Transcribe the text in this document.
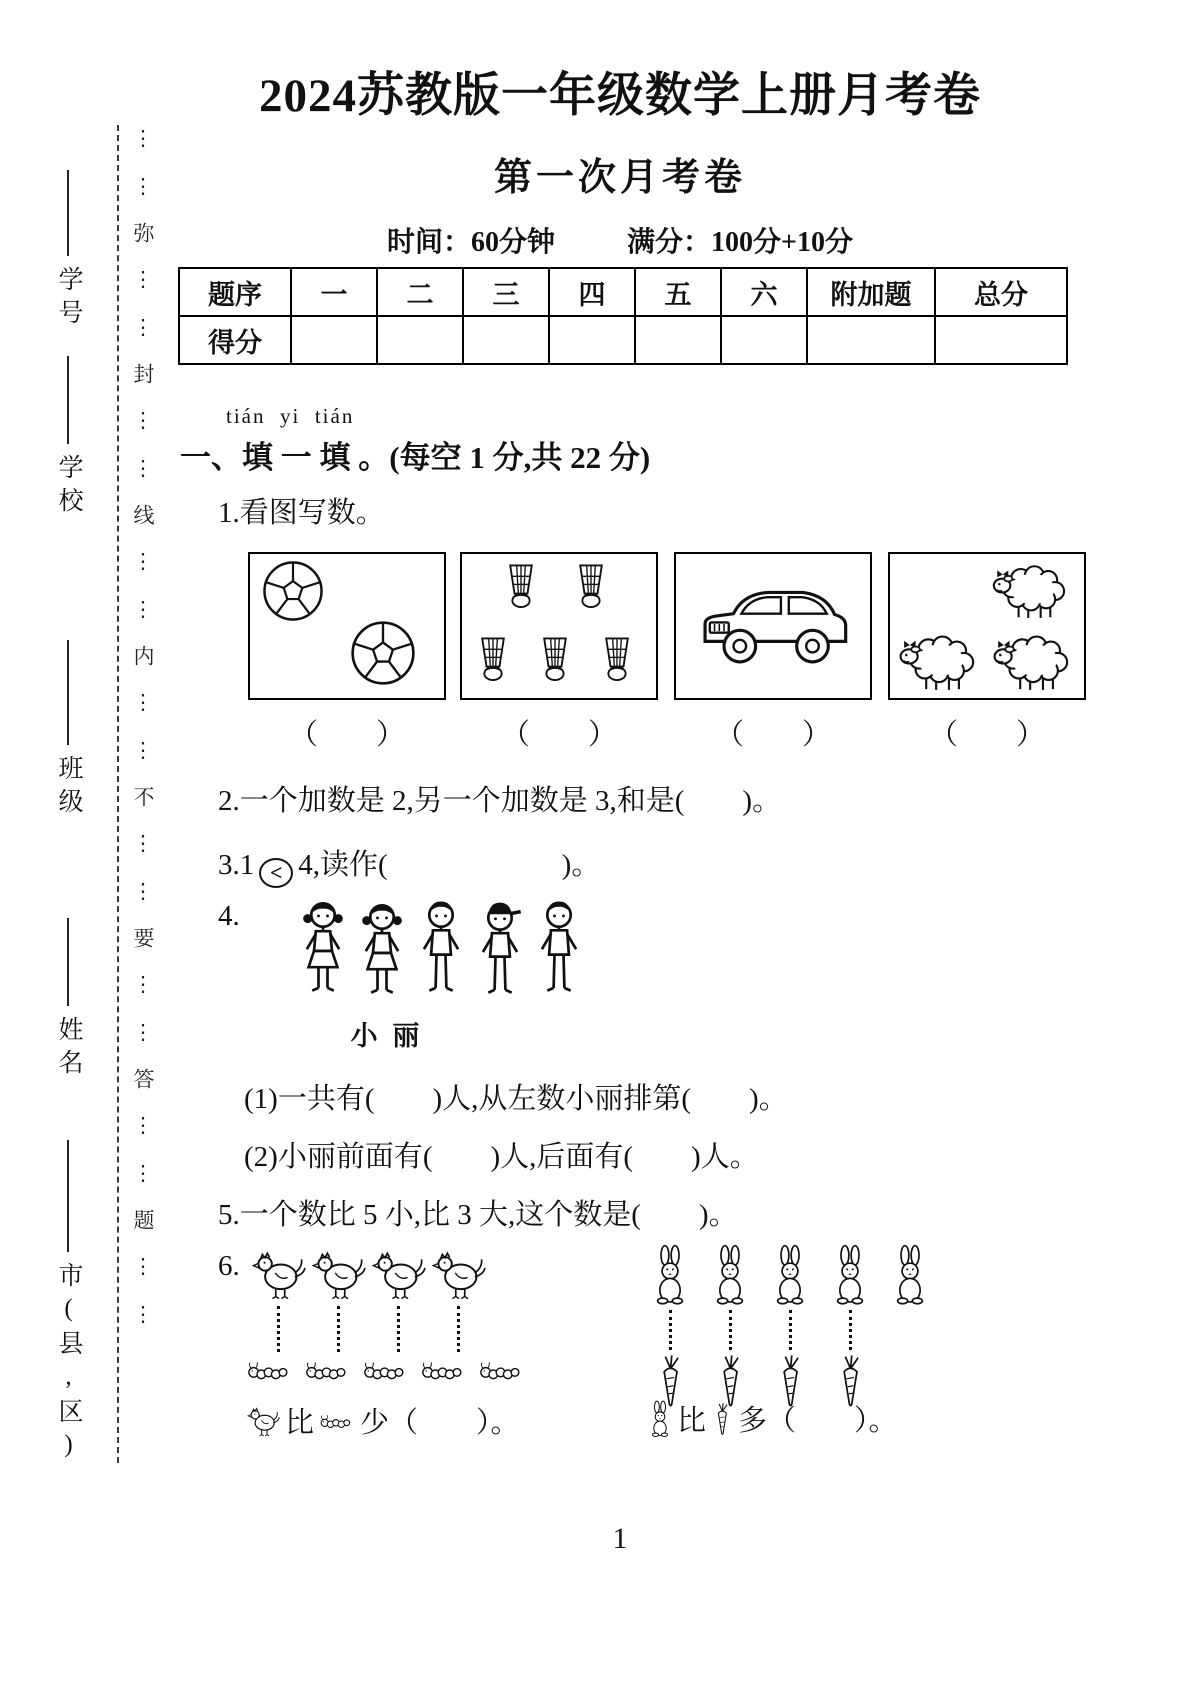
⋮⋮弥⋮⋮封⋮⋮线⋮⋮内⋮⋮不⋮⋮要⋮⋮答⋮⋮题⋮⋮
学号
学校
班级
姓名
市(县,区)
2024苏教版一年级数学上册月考卷
第一次月考卷
时间：60分钟	满分：100分+10分
题序	一	二	三	四	五	六	附加题	总分
得分								
tián  yi  tián
一、填 一 填 。(每空 1 分,共 22 分)
1.看图写数。
（　　）	（　　）	（　　）	（　　）
2.一个加数是 2,另一个加数是 3,和是(　　)。
3.1 < 4,读作(　　　　　　)。
4.
小 丽
(1)一共有(　　)人,从左数小丽排第(　　)。
(2)小丽前面有(　　)人,后面有(　　)人。
5.一个数比 5 小,比 3 大,这个数是(　　)。
6.
比 少（　　）。	比 多（　　）。
1
